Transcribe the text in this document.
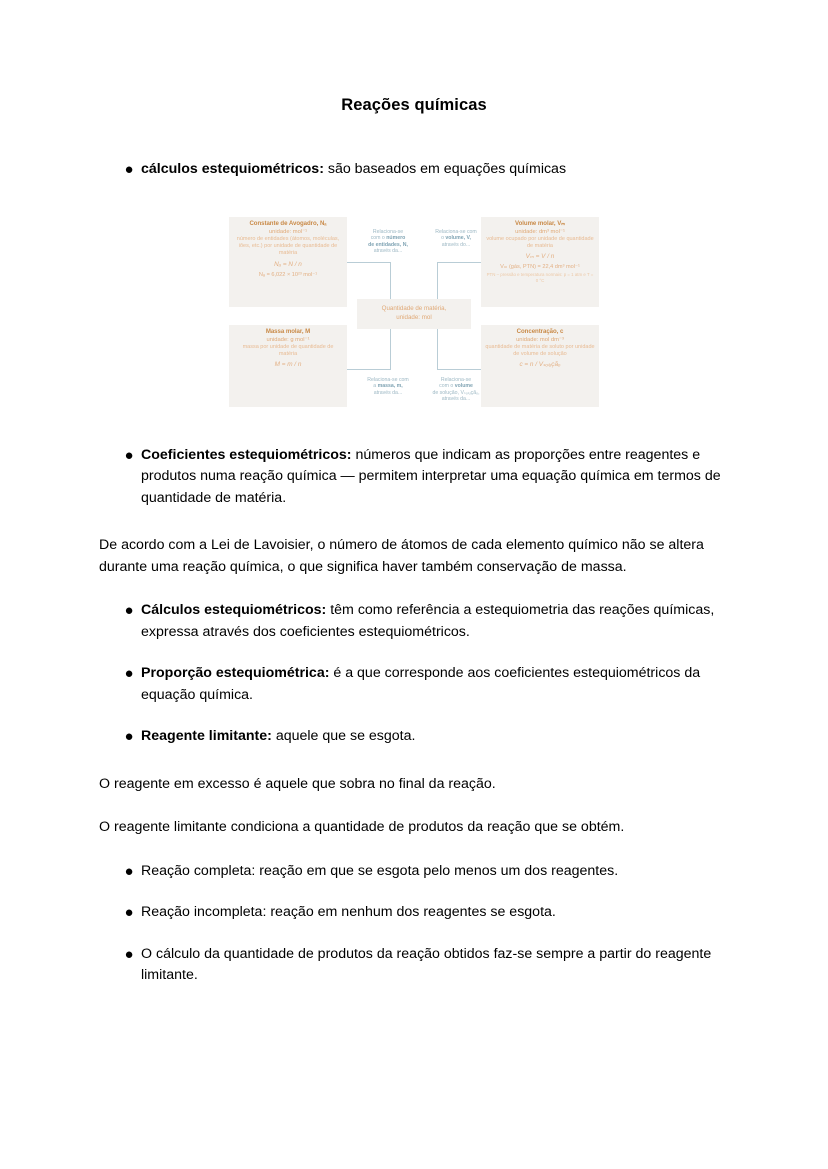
Reações químicas
● cálculos estequiométricos: são baseados em equações químicas
Constante de Avogadro, Nₐ
unidade: mol⁻¹
número de entidades (átomos, moléculas, iões, etc.) por unidade de quantidade de matéria
Nₐ = N / n
Nₐ = 6,022 × 10²³ mol⁻¹
Volume molar, Vₘ
unidade: dm³ mol⁻¹
volume ocupado por unidade de quantidade de matéria
Vₘ = V / n
Vₘ (gás, PTN) = 22,4 dm³ mol⁻¹
PTN – pressão e temperatura normais: p = 1 atm e T = 0 °C
Massa molar, M
unidade: g mol⁻¹
massa por unidade de quantidade de matéria
M = m / n
Concentração, c
unidade: mol dm⁻³
quantidade de matéria de soluto por unidade de volume de solução
c = n / Vₛₒₗᵤçãₒ
Quantidade de matéria,
unidade: mol
Relaciona-se
com o número
de entidades, N,
através da...
Relaciona-se com
o volume, V,
através do...
Relaciona-se com
a massa, m,
através da...
Relaciona-se
com o volume
de solução, Vₛₒₗᵤçãₒ,
através da...
● Coeficientes estequiométricos: números que indicam as proporções entre reagentes e produtos numa reação química — permitem interpretar uma equação química em termos de quantidade de matéria.

De acordo com a Lei de Lavoisier, o número de átomos de cada elemento químico não se altera durante uma reação química, o que significa haver também conservação de massa.

● Cálculos estequiométricos: têm como referência a estequiometria das reações químicas, expressa através dos coeficientes estequiométricos.
● Proporção estequiométrica: é a que corresponde aos coeficientes estequiométricos da equação química.
● Reagente limitante: aquele que se esgota.

O reagente em excesso é aquele que sobra no final da reação.

O reagente limitante condiciona a quantidade de produtos da reação que se obtém.

● Reação completa: reação em que se esgota pelo menos um dos reagentes.
● Reação incompleta: reação em nenhum dos reagentes se esgota.
● O cálculo da quantidade de produtos da reação obtidos faz-se sempre a partir do reagente limitante.
